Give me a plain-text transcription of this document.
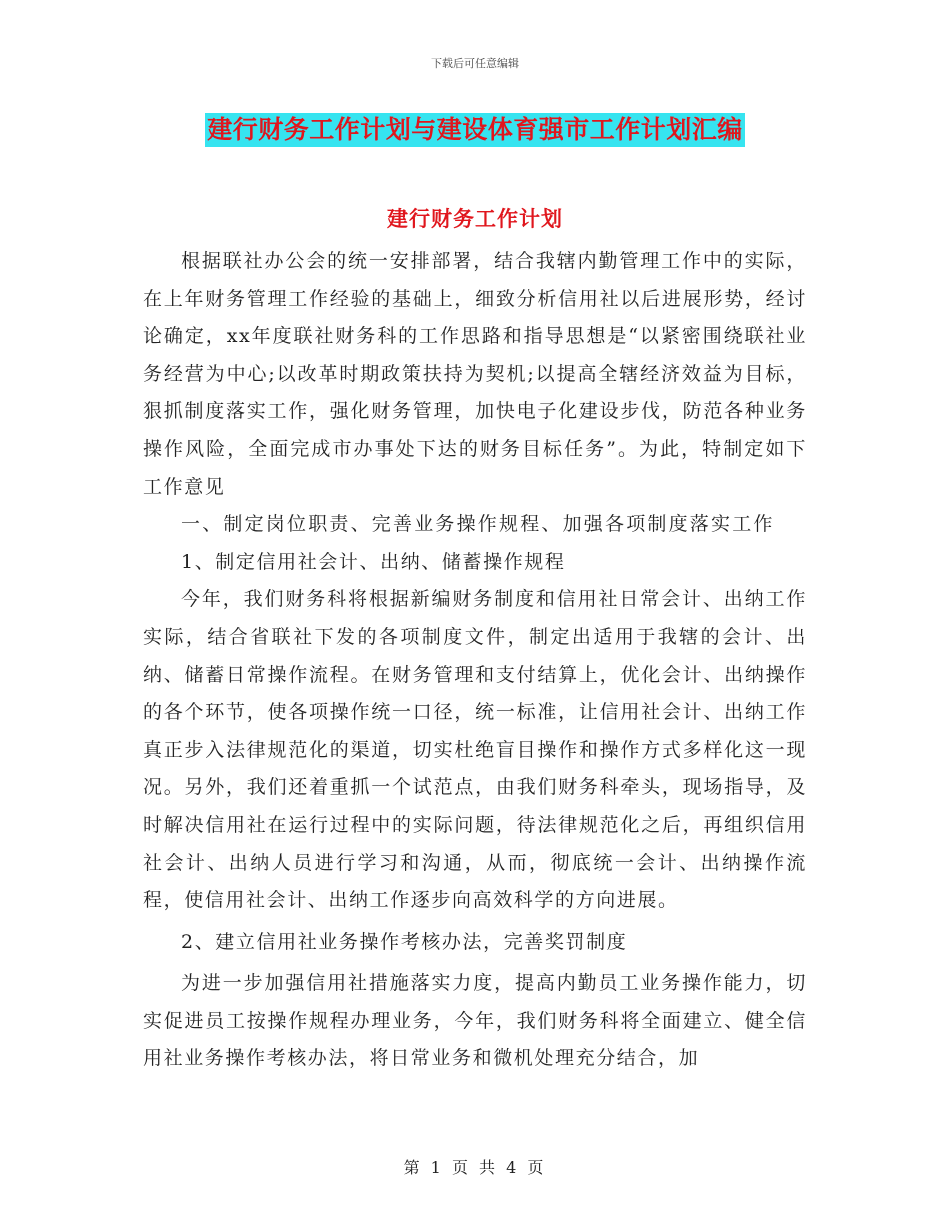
下载后可任意编辑
建行财务工作计划与建设体育强市工作计划汇编
建行财务工作计划

根据联社办公会的统一安排部署，结合我辖内勤管理工作中的实际，在上年财务管理工作经验的基础上，细致分析信用社以后进展形势，经讨论确定，xx年度联社财务科的工作思路和指导思想是“以紧密围绕联社业务经营为中心;以改革时期政策扶持为契机;以提高全辖经济效益为目标，狠抓制度落实工作，强化财务管理，加快电子化建设步伐，防范各种业务操作风险，全面完成市办事处下达的财务目标任务”。为此，特制定如下工作意见

一、制定岗位职责、完善业务操作规程、加强各项制度落实工作

1、制定信用社会计、出纳、储蓄操作规程

今年，我们财务科将根据新编财务制度和信用社日常会计、出纳工作实际，结合省联社下发的各项制度文件，制定出适用于我辖的会计、出纳、储蓄日常操作流程。在财务管理和支付结算上，优化会计、出纳操作的各个环节，使各项操作统一口径，统一标准，让信用社会计、出纳工作真正步入法律规范化的渠道，切实杜绝盲目操作和操作方式多样化这一现况。另外，我们还着重抓一个试范点，由我们财务科牵头，现场指导，及时解决信用社在运行过程中的实际问题，待法律规范化之后，再组织信用社会计、出纳人员进行学习和沟通，从而，彻底统一会计、出纳操作流程，使信用社会计、出纳工作逐步向高效科学的方向进展。

2、建立信用社业务操作考核办法，完善奖罚制度

为进一步加强信用社措施落实力度，提高内勤员工业务操作能力，切实促进员工按操作规程办理业务，今年，我们财务科将全面建立、健全信用社业务操作考核办法，将日常业务和微机处理充分结合，加

第 1 页 共 4 页
